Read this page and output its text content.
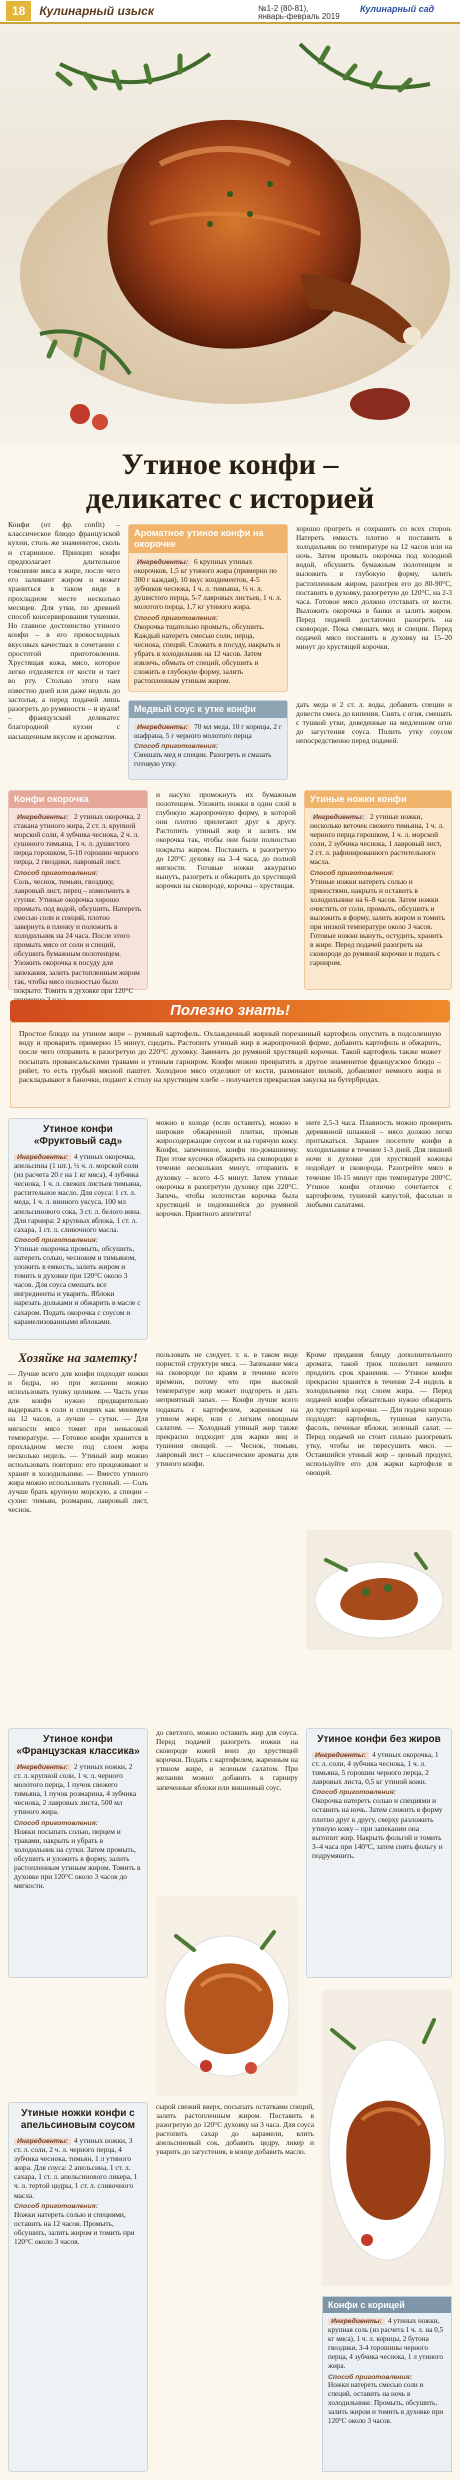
18	Кулинарный изыск	№1-2 (80-81),
январь-февраль 2019
Кулинарный сад
Утиное конфи –
деликатес с историей
Конфи (от фр. confit) – классическое блюдо французской кухни, столь же знаменитое, сколь и старинное. Принцип конфи предполагает длительное томление мяса в жире, после чего его заливают жиром и может храниться в таком виде в прохладном месте несколько месяцев. Для утки, по древней способ консервирования тушенки. Но главное достоинство утиного конфи – в его превосходных вкусовых качествах в сочетании с простотой приготовления. Хрустящая кожа, мясо, которое легко отделяется от кости и тает во рту. Столько этого нам известно дней или даже недель до застолья, а перед подачей лишь разогреть до румяности – и вуаля! – французский деликатес благородной кухни с насыщенным вкусом и ароматом.
Ароматное утиное конфи на окорочке
Ингредиенты: 6 крупных утиных окорочков, 1,5 кг утиного жира (примерно по 300 г каждая), 10 вкус кондиментов, 4-5 зубчиков чеснока, 1 ч. л. тимьяна, ½ ч. л. душистого перца, 5-7 лавровых листьев, 1 ч. л. молотого перца, 1,7 кг утиного жира.
Способ приготовления:
Окорочка тщательно промыть, обсушить. Каждый натереть смесью соли, перца, чеснока, специй. Сложить в посуду, накрыть и убрать в холодильник на 12 часов. Затем извлечь, обмыть от специй, обсушить и сложить в глубокую форму, залить растопленным утиным жиром.
хорошо прогреть и сохранить со всех сторон. Натереть емкость плотно и поставить в холодильник по температуре на 12 часов или на ночь. Затем промыть окорочка под холодной водой, обсушить бумажным полотенцем и выложить в глубокую форму, залить растопленным жиром, разогрев его до 80-90°C, поставить в духовку, разогретую до 120°C, на 2-3 часа. Готовое мясо должно отставать от кости. Выложить окорочка в банки и залить жиром. Перед подачей достаточно разогреть на сковороде. Пока смешать мед и специи. Перед подачей мясо поставить в духовку на 15–20 минут до хрустящей корочки.
Медвый соус к утке конфи
Ингредиенты: 70 мл меда, 10 г корицы, 2 г шафрана, 5 г черного молотого перца
Способ приготовления:
Смешать мед и специи. Разогреть и смазать готовую утку.
дать меда и 2 ст. л. воды, добавить специи и довести смесь до кипения. Снять с огня, смешать с тушкой утки, доведенные на медленном огне до загустения соуса. Полить утку соусом непосредственно перед подачей.
Конфи окорочка
Ингредиенты: 2 утиных окорочка, 2 стакана утиного жира, 2 ст. л. крупной морской соли, 4 зубчика чеснока, 2 ч. л. сушеного тимьяна, 1 ч. л. душистого перца горошком, 5-10 горошин черного перца, 2 гвоздики, лавровый лист.
Способ приготовления:
Соль, чеснок, тимьян, гвоздику, лавровый лист, перец – измельчить в ступке. Утиные окорочка хорошо промыть под водой, обсушить. Натереть смесью соли и специй, плотно завернуть в пленку и положить в холодильник на 24 часа. После этого промыть мясо от соли и специй, обсушить бумажным полотенцем. Уложить окорочка в посуду для запекания, залить растопленным жиром так, чтобы мясо полностью было покрыто. Томить в духовке при 120°C
и насухо промокнуть их бумажным полотенцем. Уложить ножки в один слой в глубокую жаропрочную форму, в которой они плотно прилегают друг к другу. Растопить утиный жир и залить им окорочка так, чтобы они были полностью покрыты жиром. Поставить в разогретую до 120°C духовку на 3–4 часа, до полной мягкости. Готовые ножки аккуратно вынуть, разогреть и обжарить до хрустящей корочки на сковороде, корочка – хрустящая.
Утиные ножки конфи
Ингредиенты: 2 утиные ножки, несколько веточек свежего тимьяна, 1 ч. л. черного перца горошком, 1 ч. л. морской соли, 2 зубчика чеснока, 1 лавровый лист, 2 ст. л. рафинированного растительного масла.
Способ приготовления:
Утиные ножки натереть солью и пряностями, накрыть и оставить в холодильнике на 6–8 часов. Затем ножки очистить от соли, промыть, обсушить и выложить в форму, залить жиром и томить при низкой температуре около 3 часов. Готовые ножки вынуть, остудить, хранить в жире. Перед подачей разогреть на сковороде до румяной корочки и подать с гарниром.
Полезно знать!
Простое блюдо на утином жире – румяный картофель. Охлажденный жирный порезанный картофель опустить в подсоленную воду и проварить примерно 15 минут, сцедить. Растопить утиный жир в жаропрочной форме, добавить картофель и обжарить, после чего отправить в разогретую до 220°C духовку. Завенить до румяной хрустящей корочки. Такой картофель также может посыпать провансальскими травами и утиным гарниром. Конфи можно превратить в другое знаменитое французское блюдо – рийет, то есть грубый мясной паштет. Холодное мясо отделяют от кости, разминают вилкой, добавляют немного жира и раскладывают в баночки, подают к столу на хрустящем хлебе – получается прекрасная закуска на бутербродах.
Утиное конфи «Фруктовый сад»
Ингредиенты: 4 утиных окорочка, апельсины (1 шт.), ½ ч. л. морской соли (из расчета 20 г на 1 кг мяса), 4 зубчика чеснока, 1 ч. л. свежих листьев тимьяна, растительное масло. Для соуса: 1 ст. л. меда, 1 ч. л. винного уксуса, 100 мл апельсинового сока, 3 ст. л. белого вина. Для гарнира: 2 крупных яблока, 1 ст. л. сахара, 1 ст. л. сливочного масла.
Способ приготовления:
Утиные окорочка промыть, обсушить, натереть солью, чесноком и тимьяном, уложить в емкость, залить жиром и томить в духовке при 120°C около 3 часов. Для соуса смешать все ингредиенты и уварить. Яблоки нарезать дольками и обжарить в масле с сахаром. Подать окорочка с соусом и карамелизованными яблоками.
можно в холоде (если оставить), можно в широкие обжаренной плитки, промыв жиросодержащие соусом и на горячую кожу. Конфи, запеченное, конфи по-домашнему. При этом кусочки обжарить на сковородке в течение нескольких минут, отправить в духовку – всего 4-5 минут. Затем утиные окорочка в разогретую духовку при 220°C. Запечь, чтобы золотистая корочка была хрустящей и подпекшейся до румяной корочки. Приятного аппетита!
ните 2,5-3 часа. Плавность можно проверить деревянной шпажкой – мясо должно легко протыкаться. Заранее посетите конфи в холодильнике в течение 1-3 дней. Для лишней ночи в духовке для хрустящей кожицы подойдет и сковорода. Разогрейте мясо в течение 10-15 минут при температуре 200°C. Утиное конфи отлично сочетается с картофелем, тушеной капустой, фасолью и любыми салатами.
Хозяйке на заметку!
— Лучше всего для конфи подходят ножки и бедра, но при желании можно использовать тушку целиком. — Часть утки для конфи нужно предварительно выдержать в соли и специях как минимум на 12 часов, а лучше – сутки. — Для мягкости мясо томят при невысокой температуре. — Готовое конфи хранится в прохладном месте под слоем жира несколько недель. — Утиный жир можно использовать повторно: его процеживают и хранят в холодильнике. — Вместо утиного жира можно использовать гусиный. — Соль лучше брать крупную морскую, а специи – сухие: тимьян, розмарин, лавровый лист, чеснок.
пользовать не следует, т. к. в таком виде пористой структуре мяса. — Запекание мяса на сковороде по краям в течение всего времени, потому что при высокой температуре жир может подгореть и дать неприятный запах. — Конфи лучше всего подавать с картофелем, жаренным на утином жире, или с легким овощным салатом. — Холодный утиный жир также прекрасно подходит для жарки яиц и тушения овощей. — Чеснок, тимьян, лавровый лист – классические ароматы для утиного конфи.
Кроме придания блюду дополнительного аромата, такой трюк позволит немного продлить срок хранения. — Утиное конфи прекрасно хранится в течение 2-4 недель в холодильнике под слоем жира. — Перед подачей конфи обязательно нужно обжарить до хрустящей корочки. — Для подачи хорошо подходят: картофель, тушеная капуста, фасоль, печеные яблоки, зеленый салат. — Перед подачей не стоит сильно разогревать утку, чтобы не пересушить мясо. — Оставшийся утиный жир – ценный продукт, используйте его для жарки картофеля и овощей.
Утиное конфи «Французская классика»
Ингредиенты: 2 утиных ножки, 2 ст. л. крупной соли, 1 ч. л. черного молотого перца, 1 пучок свежего тимьяна, 1 пучок розмарина, 4 зубчика чеснока, 2 лавровых листа, 500 мл утиного жира.
Способ приготовления:
Ножки посыпать солью, перцем и травами, накрыть и убрать в холодильник на сутки. Затем промыть, обсушить и уложить в форму, залить растопленным утиным жиром. Томить в духовке при 120°C около 3 часов до мягкости.
до светлого, можно оставить жир для соуса. Перед подачей разогреть ножки на сковороде кожей вниз до хрустящей корочки. Подать с картофелем, жаренным на утином жире, и зеленым салатом. При желании можно добавить к гарниру запеченные яблоки или вишневый соус.
Утиное конфи без жиров
Ингредиенты: 4 утиных окорочка, 1 ст. л. соли, 4 зубчика чеснока, 1 ч. л. тимьяна, 5 горошин черного перца, 2 лавровых листа, 0,5 кг утиной кожи.
Способ приготовления:
Окорочка натереть солью и специями и оставить на ночь. Затем сложить в форму плотно друг к другу, сверху разложить утиную кожу – при запекании она вытопит жир. Накрыть фольгой и томить 3–4 часа при 140°C, затем снять фольгу и подрумянить.
Утиные ножки конфи с апельсиновым соусом
Ингредиенты: 4 утиных ножки, 3 ст. л. соли, 2 ч. л. черного перца, 4 зубчика чеснока, тимьян, 1 л утиного жира. Для соуса: 2 апельсина, 1 ст. л. сахара, 1 ст. л. апельсинового ликера, 1 ч. л. тертой цедры, 1 ст. л. сливочного масла.
Способ приготовления:
Ножки натереть солью и специями, оставить на 12 часов. Промыть, обсушить, залить жиром и томить при 120°C около 3 часов.
сырой свежий вверх, посыпать остатками специй, залить растопленным жиром. Поставить в разогретую до 120°C духовку на 3 часа. Для соуса растопить сахар до карамели, влить апельсиновый сок, добавить цедру, ликер и уварить до загустения, в конце добавить масло.
Конфи с корицей
Ингредиенты: 4 утиных ножки, крупная соль (из расчета 1 ч. л. на 0,5 кг мяса), 1 ч. л. корицы, 2 бутона гвоздики, 3-4 горошины черного перца, 4 зубчика чеснока, 1 л утиного жира.
Способ приготовления:
Ножки натереть смесью соли и специй, оставить на ночь в холодильнике. Промыть, обсушить, залить жиром и томить в духовке при 120°C около 3 часов.
